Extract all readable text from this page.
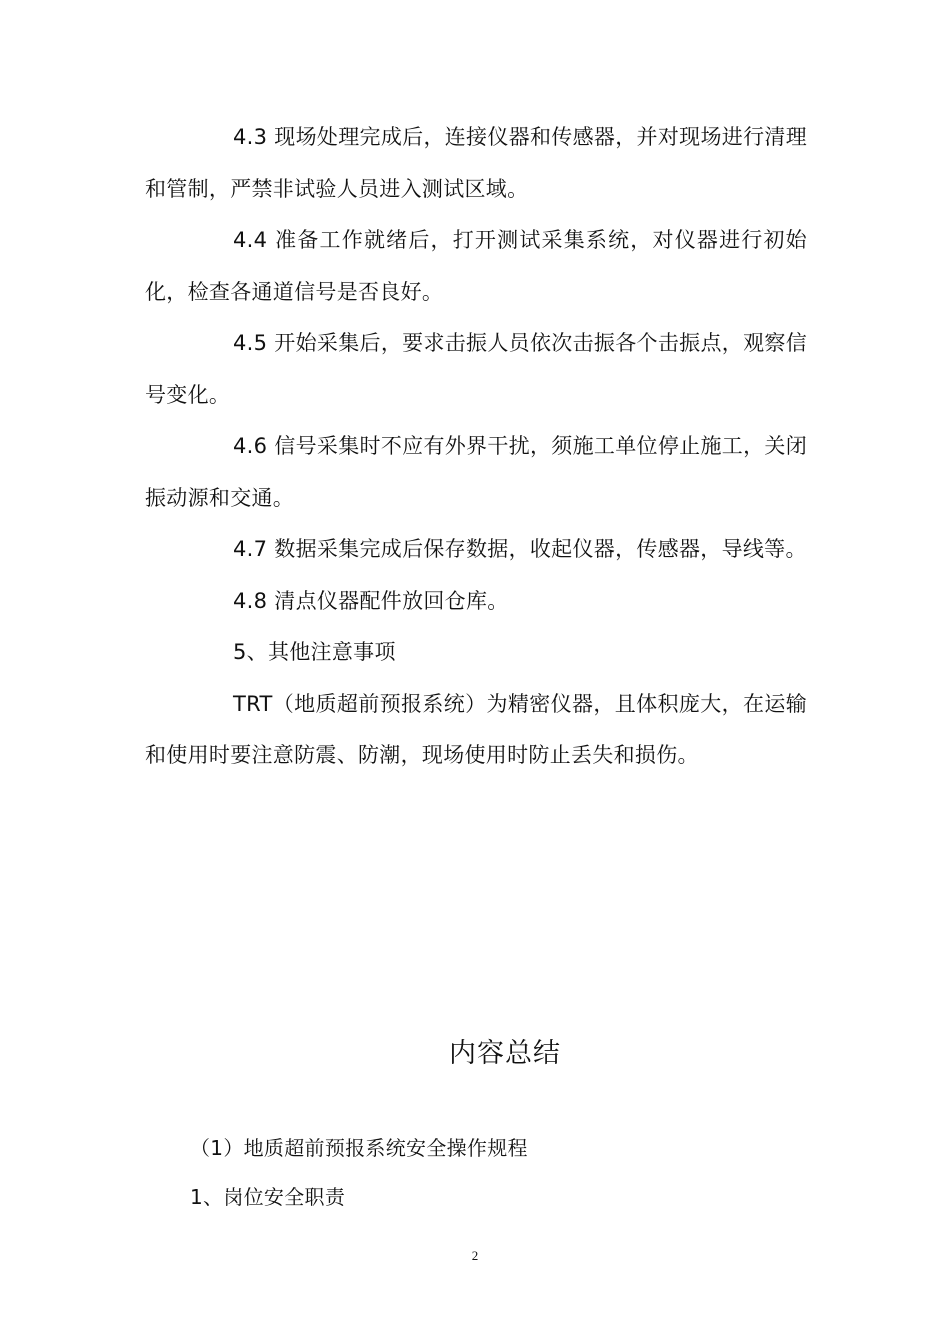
4.3 现场处理完成后，连接仪器和传感器，并对现场进行清理和管制，严禁非试验人员进入测试区域。

4.4 准备工作就绪后，打开测试采集系统，对仪器进行初始化，检查各通道信号是否良好。

4.5 开始采集后，要求击振人员依次击振各个击振点，观察信号变化。

4.6 信号采集时不应有外界干扰，须施工单位停止施工，关闭振动源和交通。

4.7 数据采集完成后保存数据，收起仪器，传感器，导线等。

4.8 清点仪器配件放回仓库。

5、其他注意事项

TRT（地质超前预报系统）为精密仪器，且体积庞大，在运输和使用时要注意防震、防潮，现场使用时防止丢失和损伤。

内容总结
（1）地质超前预报系统安全操作规程
1、岗位安全职责
2
